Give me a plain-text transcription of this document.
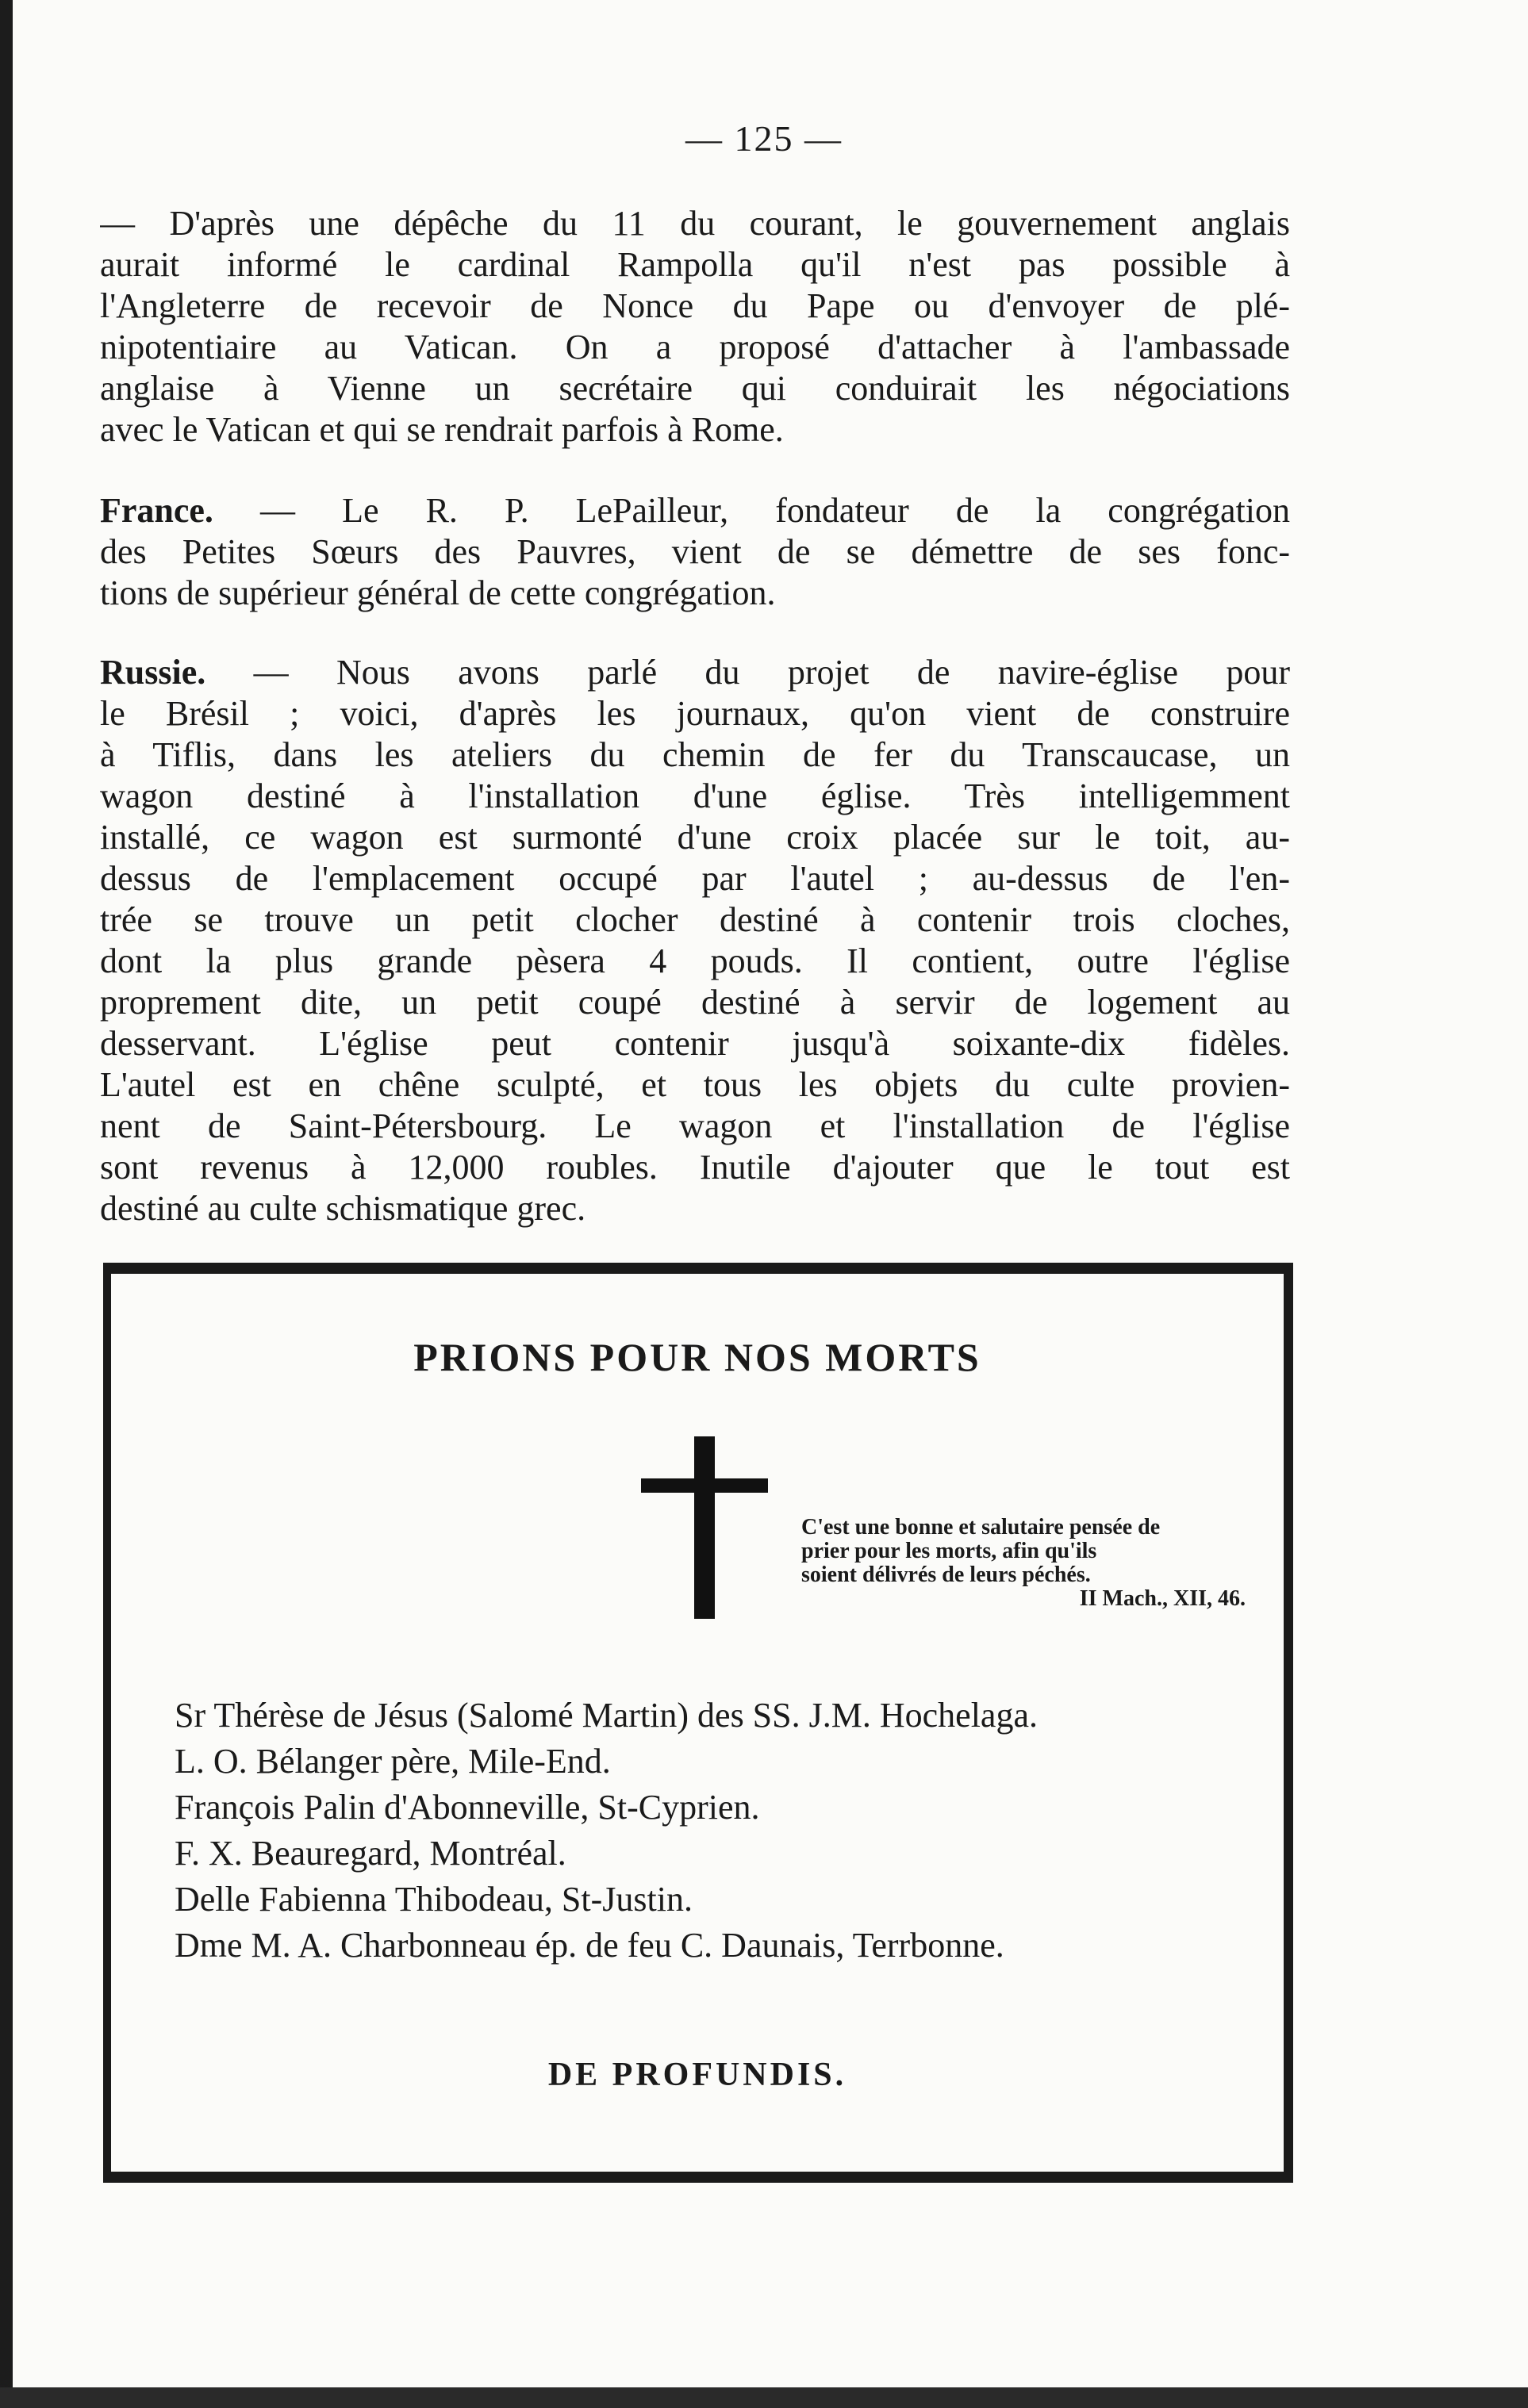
— 125 —
— D'après une dépêche du 11 du courant, le gouvernement anglais
aurait informé le cardinal Rampolla qu'il n'est pas possible à
l'Angleterre de recevoir de Nonce du Pape ou d'envoyer de plé-
nipotentiaire au Vatican. On a proposé d'attacher à l'ambassade
anglaise à Vienne un secrétaire qui conduirait les négociations
avec le Vatican et qui se rendrait parfois à Rome.
France. — Le R. P. LePailleur, fondateur de la congrégation
des Petites Sœurs des Pauvres, vient de se démettre de ses fonc-
tions de supérieur général de cette congrégation.
Russie. — Nous avons parlé du projet de navire-église pour
le Brésil ; voici, d'après les journaux, qu'on vient de construire
à Tiflis, dans les ateliers du chemin de fer du Transcaucase, un
wagon destiné à l'installation d'une église. Très intelligemment
installé, ce wagon est surmonté d'une croix placée sur le toit, au-
dessus de l'emplacement occupé par l'autel ; au-dessus de l'en-
trée se trouve un petit clocher destiné à contenir trois cloches,
dont la plus grande pèsera 4 pouds. Il contient, outre l'église
proprement dite, un petit coupé destiné à servir de logement au
desservant. L'église peut contenir jusqu'à soixante-dix fidèles.
L'autel est en chêne sculpté, et tous les objets du culte provien-
nent de Saint-Pétersbourg. Le wagon et l'installation de l'église
sont revenus à 12,000 roubles. Inutile d'ajouter que le tout est
destiné au culte schismatique grec.
PRIONS POUR NOS MORTS
C'est une bonne et salutaire pensée de
prier pour les morts, afin qu'ils
soient délivrés de leurs péchés.
II Mach., XII, 46.
Sr Thérèse de Jésus (Salomé Martin) des SS. J.M. Hochelaga.
L. O. Bélanger père, Mile-End.
François Palin d'Abonneville, St-Cyprien.
F. X. Beauregard, Montréal.
Delle Fabienna Thibodeau, St-Justin.
Dme M. A. Charbonneau ép. de feu C. Daunais, Terrbonne.
DE PROFUNDIS.
